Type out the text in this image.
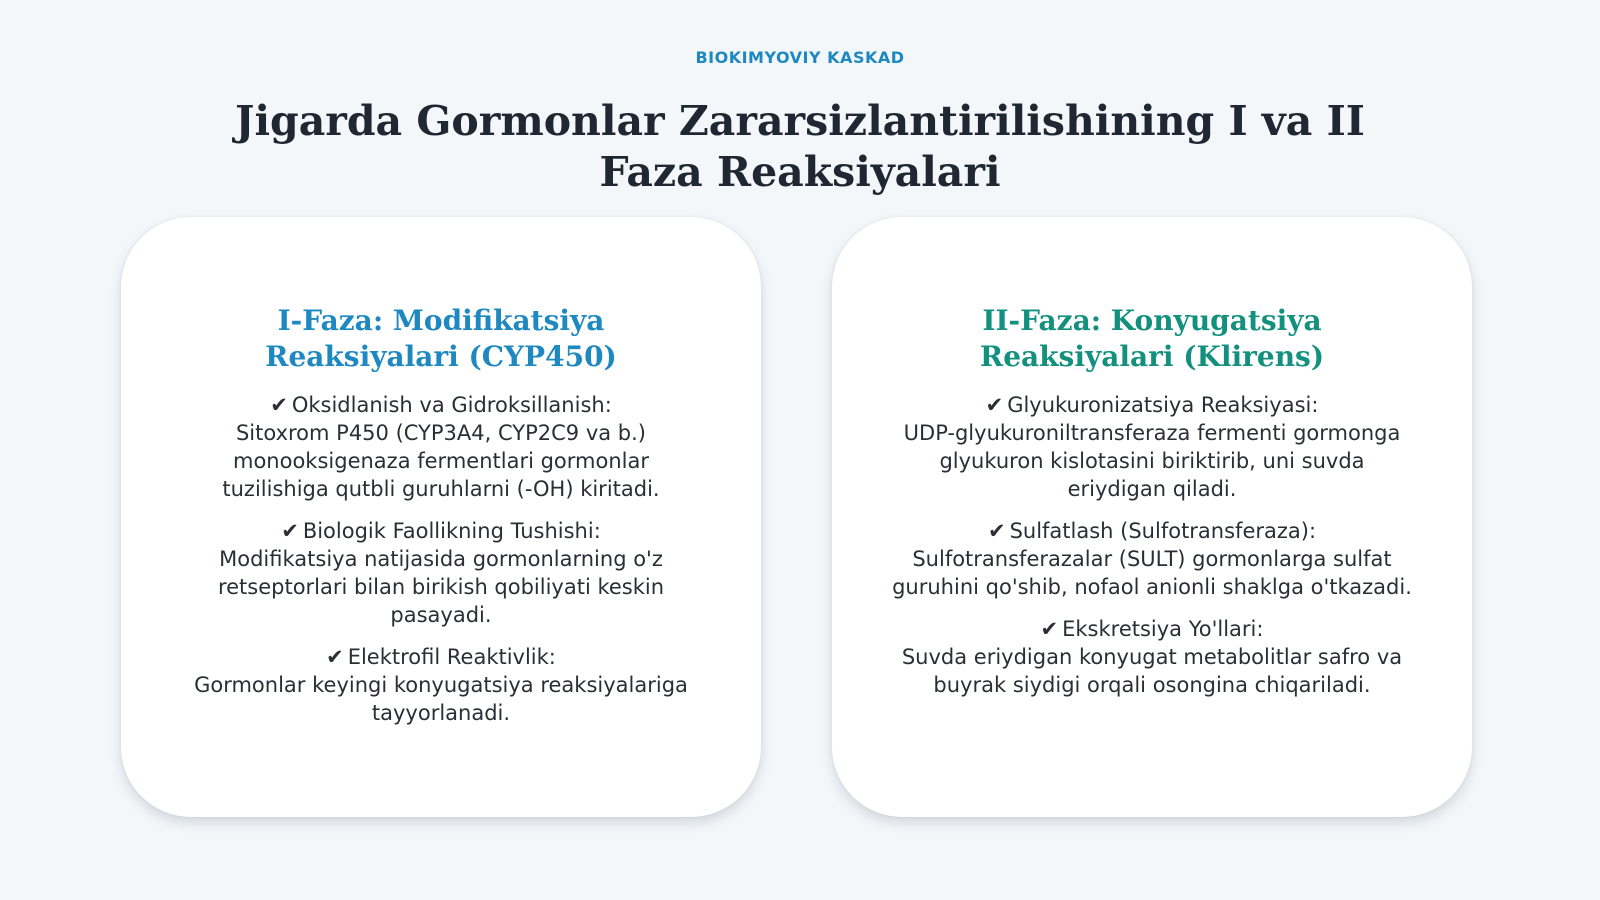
BIOKIMYOVIY KASKAD
Jigarda Gormonlar Zararsizlantirilishining I va II Faza Reaksiyalari
I-Faza: Modifikatsiya Reaksiyalari (CYP450)
✔ Oksidlanish va Gidroksillanish:
Sitoxrom P450 (CYP3A4, CYP2C9 va b.) monooksigenaza fermentlari gormonlar tuzilishiga qutbli guruhlarni (-OH) kiritadi.
✔ Biologik Faollikning Tushishi:
Modifikatsiya natijasida gormonlarning o'z retseptorlari bilan birikish qobiliyati keskin pasayadi.
✔ Elektrofil Reaktivlik:
Gormonlar keyingi konyugatsiya reaksiyalariga tayyorlanadi.
II-Faza: Konyugatsiya Reaksiyalari (Klirens)
✔ Glyukuronizatsiya Reaksiyasi:
UDP-glyukuroniltransferaza fermenti gormonga glyukuron kislotasini biriktirib, uni suvda eriydigan qiladi.
✔ Sulfatlash (Sulfotransferaza):
Sulfotransferazalar (SULT) gormonlarga sulfat guruhini qo'shib, nofaol anionli shaklga o'tkazadi.
✔ Ekskretsiya Yo'llari:
Suvda eriydigan konyugat metabolitlar safro va buyrak siydigi orqali osongina chiqariladi.
